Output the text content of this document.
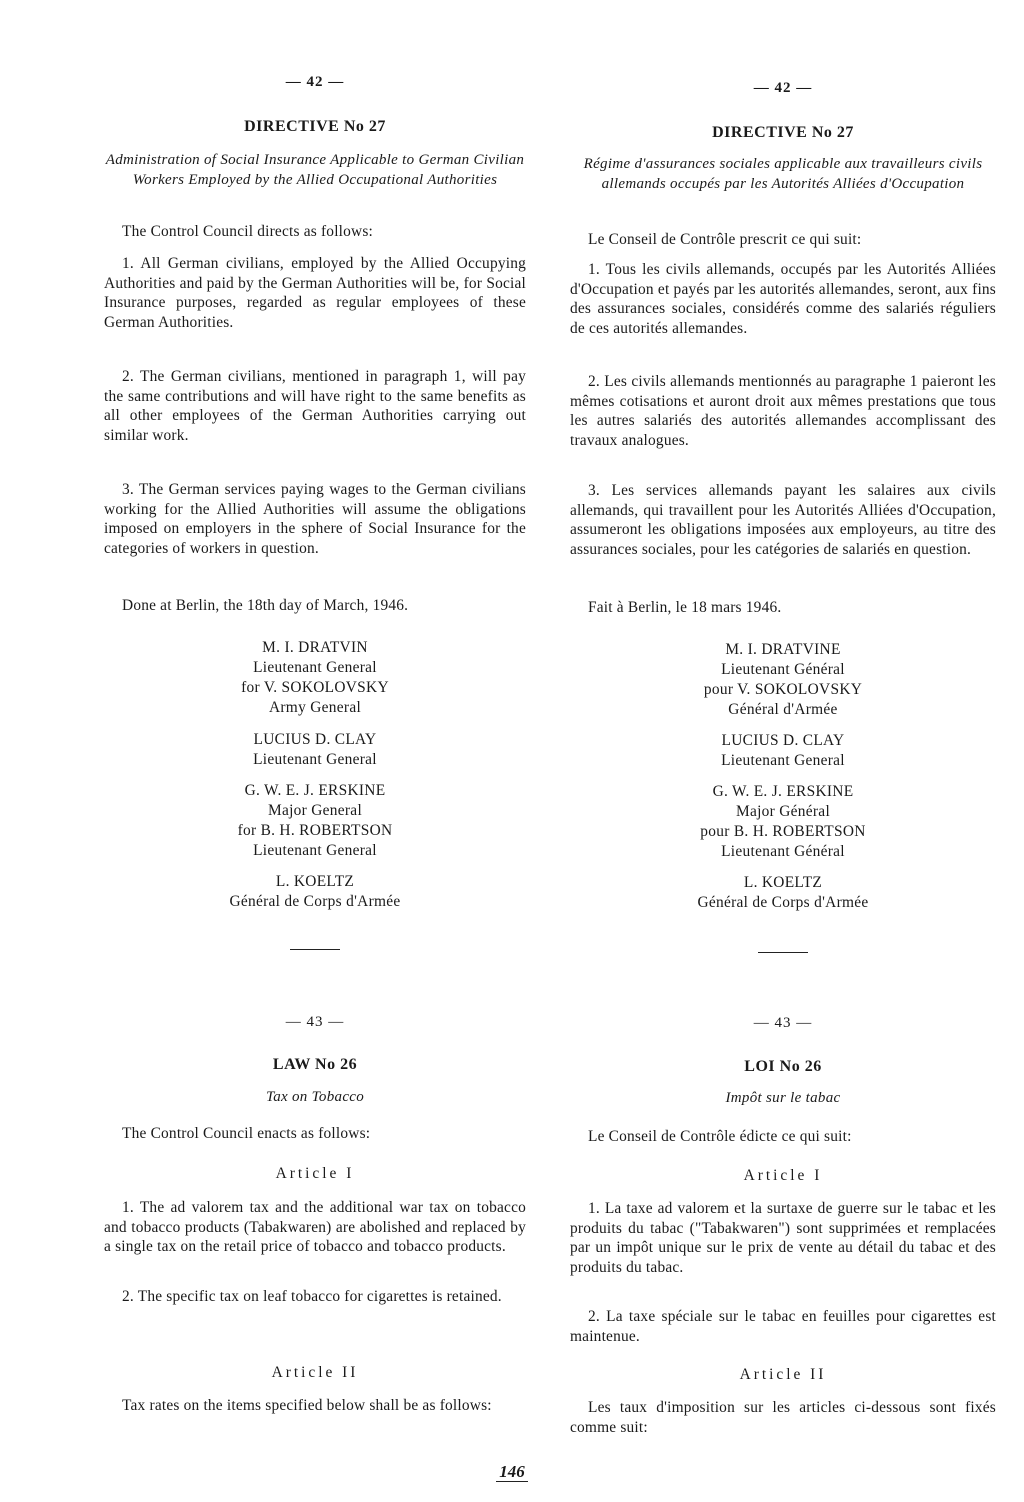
— 42 —
DIRECTIVE No 27
Administration of Social Insurance Applicable to German Civilian Workers Employed by the Allied Occupational Authorities
The Control Council directs as follows:
1. All German civilians, employed by the Allied Occupying Authorities and paid by the German Authorities will be, for Social Insurance purposes, regarded as regular employees of these German Authorities.
2. The German civilians, mentioned in paragraph 1, will pay the same contributions and will have right to the same benefits as all other employees of the German Authorities carrying out similar work.
3. The German services paying wages to the German civilians working for the Allied Authorities will assume the obligations imposed on employers in the sphere of Social Insurance for the categories of workers in question.
Done at Berlin, the 18th day of March, 1946.
M. I. DRATVIN
Lieutenant General
for V. SOKOLOVSKY
Army General
LUCIUS D. CLAY
Lieutenant General
G. W. E. J. ERSKINE
Major General
for B. H. ROBERTSON
Lieutenant General
L. KOELTZ
Général de Corps d'Armée
— 43 —
LAW No 26
Tax on Tobacco
The Control Council enacts as follows:
Article I
1. The ad valorem tax and the additional war tax on tobacco and tobacco products (Tabakwaren) are abolished and replaced by a single tax on the retail price of tobacco and tobacco products.
2. The specific tax on leaf tobacco for cigarettes is retained.
Article II
Tax rates on the items specified below shall be as follows:
— 42 —
DIRECTIVE No 27
Régime d'assurances sociales applicable aux travailleurs civils allemands occupés par les Autorités Alliées d'Occupation
Le Conseil de Contrôle prescrit ce qui suit:
1. Tous les civils allemands, occupés par les Autorités Alliées d'Occupation et payés par les autorités allemandes, seront, aux fins des assurances sociales, considérés comme des salariés réguliers de ces autorités allemandes.
2. Les civils allemands mentionnés au paragraphe 1 paieront les mêmes cotisations et auront droit aux mêmes prestations que tous les autres salariés des autorités allemandes accomplissant des travaux analogues.
3. Les services allemands payant les salaires aux civils allemands, qui travaillent pour les Autorités Alliées d'Occupation, assumeront les obligations imposées aux employeurs, au titre des assurances sociales, pour les catégories de salariés en question.
Fait à Berlin, le 18 mars 1946.
M. I. DRATVINE
Lieutenant Général
pour V. SOKOLOVSKY
Général d'Armée
LUCIUS D. CLAY
Lieutenant General
G. W. E. J. ERSKINE
Major Général
pour B. H. ROBERTSON
Lieutenant Général
L. KOELTZ
Général de Corps d'Armée
— 43 —
LOI No 26
Impôt sur le tabac
Le Conseil de Contrôle édicte ce qui suit:
Article I
1. La taxe ad valorem et la surtaxe de guerre sur le tabac et les produits du tabac ("Tabakwaren") sont supprimées et remplacées par un impôt unique sur le prix de vente au détail du tabac et des produits du tabac.
2. La taxe spéciale sur le tabac en feuilles pour cigarettes est maintenue.
Article II
Les taux d'imposition sur les articles ci-dessous sont fixés comme suit:
146
